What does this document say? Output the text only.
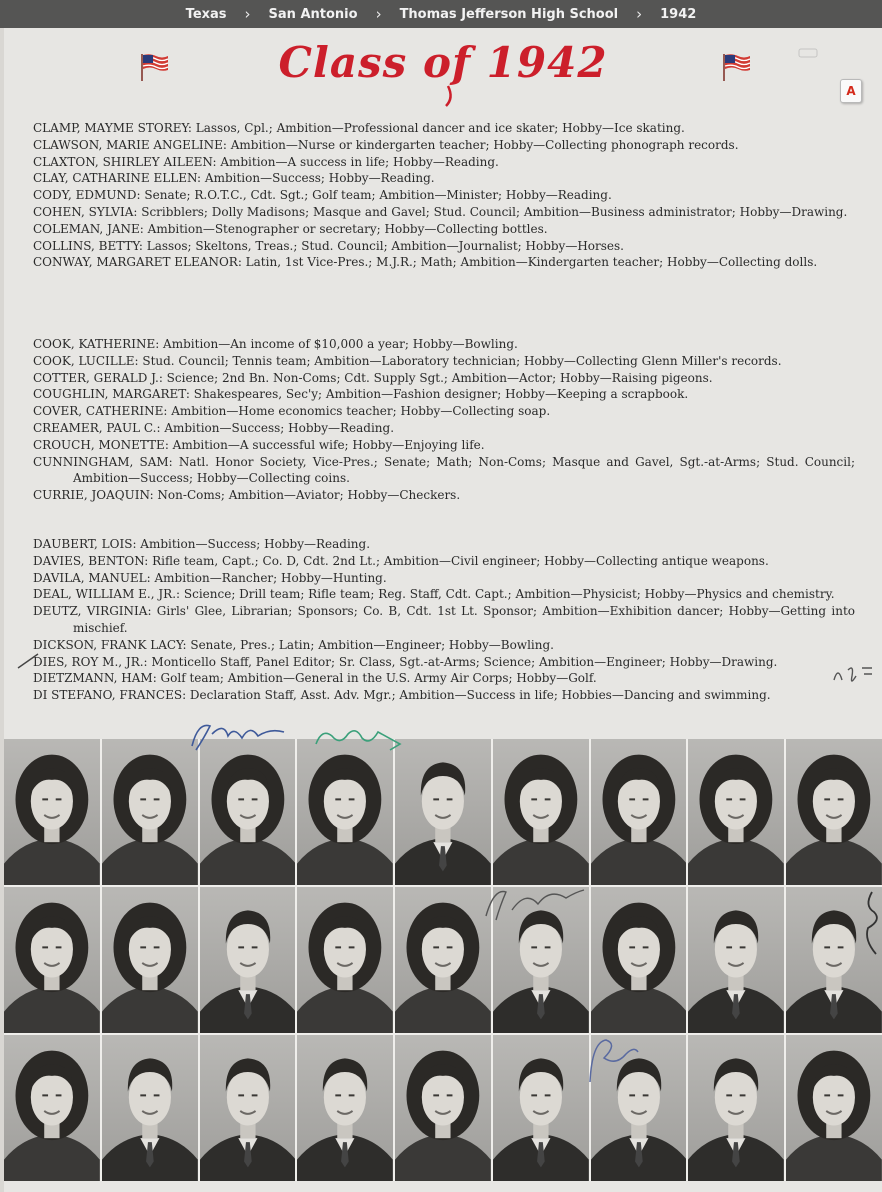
Texas › San Antonio › Thomas Jefferson High School › 1942
Class of 1942
A

CLAMP, MAYME STOREY: Lassos, Cpl.; Ambition—Professional dancer and ice skater; Hobby—Ice skating.

CLAWSON, MARIE ANGELINE: Ambition—Nurse or kindergarten teacher; Hobby—Collecting phonograph records.

CLAXTON, SHIRLEY AILEEN: Ambition—A success in life; Hobby—Reading.

CLAY, CATHARINE ELLEN: Ambition—Success; Hobby—Reading.

CODY, EDMUND: Senate; R.O.T.C., Cdt. Sgt.; Golf team; Ambition—Minister; Hobby—Reading.

COHEN, SYLVIA: Scribblers; Dolly Madisons; Masque and Gavel; Stud. Council; Ambition—Business administrator; Hobby—Drawing.

COLEMAN, JANE: Ambition—Stenographer or secretary; Hobby—Collecting bottles.

COLLINS, BETTY: Lassos; Skeltons, Treas.; Stud. Council; Ambition—Journalist; Hobby—Horses.

CONWAY, MARGARET ELEANOR: Latin, 1st Vice-Pres.; M.J.R.; Math; Ambition—Kindergarten teacher; Hobby—Collecting dolls.

COOK, KATHERINE: Ambition—An income of $10,000 a year; Hobby—Bowling.

COOK, LUCILLE: Stud. Council; Tennis team; Ambition—Laboratory technician; Hobby—Collecting Glenn Miller's records.

COTTER, GERALD J.: Science; 2nd Bn. Non-Coms; Cdt. Supply Sgt.; Ambition—Actor; Hobby—Raising pigeons.

COUGHLIN, MARGARET: Shakespeares, Sec'y; Ambition—Fashion designer; Hobby—Keeping a scrapbook.

COVER, CATHERINE: Ambition—Home economics teacher; Hobby—Collecting soap.

CREAMER, PAUL C.: Ambition—Success; Hobby—Reading.

CROUCH, MONETTE: Ambition—A successful wife; Hobby—Enjoying life.

CUNNINGHAM, SAM: Natl. Honor Society, Vice-Pres.; Senate; Math; Non-Coms; Masque and Gavel, Sgt.-at-Arms; Stud. Council; Ambition—Success; Hobby—Collecting coins.

CURRIE, JOAQUIN: Non-Coms; Ambition—Aviator; Hobby—Checkers.

DAUBERT, LOIS: Ambition—Success; Hobby—Reading.

DAVIES, BENTON: Rifle team, Capt.; Co. D, Cdt. 2nd Lt.; Ambition—Civil engineer; Hobby—Collecting antique weapons.

DAVILA, MANUEL: Ambition—Rancher; Hobby—Hunting.

DEAL, WILLIAM E., JR.: Science; Drill team; Rifle team; Reg. Staff, Cdt. Capt.; Ambition—Physicist; Hobby—Physics and chemistry.

DEUTZ, VIRGINIA: Girls' Glee, Librarian; Sponsors; Co. B, Cdt. 1st Lt. Sponsor; Ambition—Exhibition dancer; Hobby—Getting into mischief.

DICKSON, FRANK LACY: Senate, Pres.; Latin; Ambition—Engineer; Hobby—Bowling.

DIES, ROY M., JR.: Monticello Staff, Panel Editor; Sr. Class, Sgt.-at-Arms; Science; Ambition—Engineer; Hobby—Drawing.

DIETZMANN, HAM: Golf team; Ambition—General in the U.S. Army Air Corps; Hobby—Golf.

DI STEFANO, FRANCES: Declaration Staff, Asst. Adv. Mgr.; Ambition—Success in life; Hobbies—Dancing and swimming.
